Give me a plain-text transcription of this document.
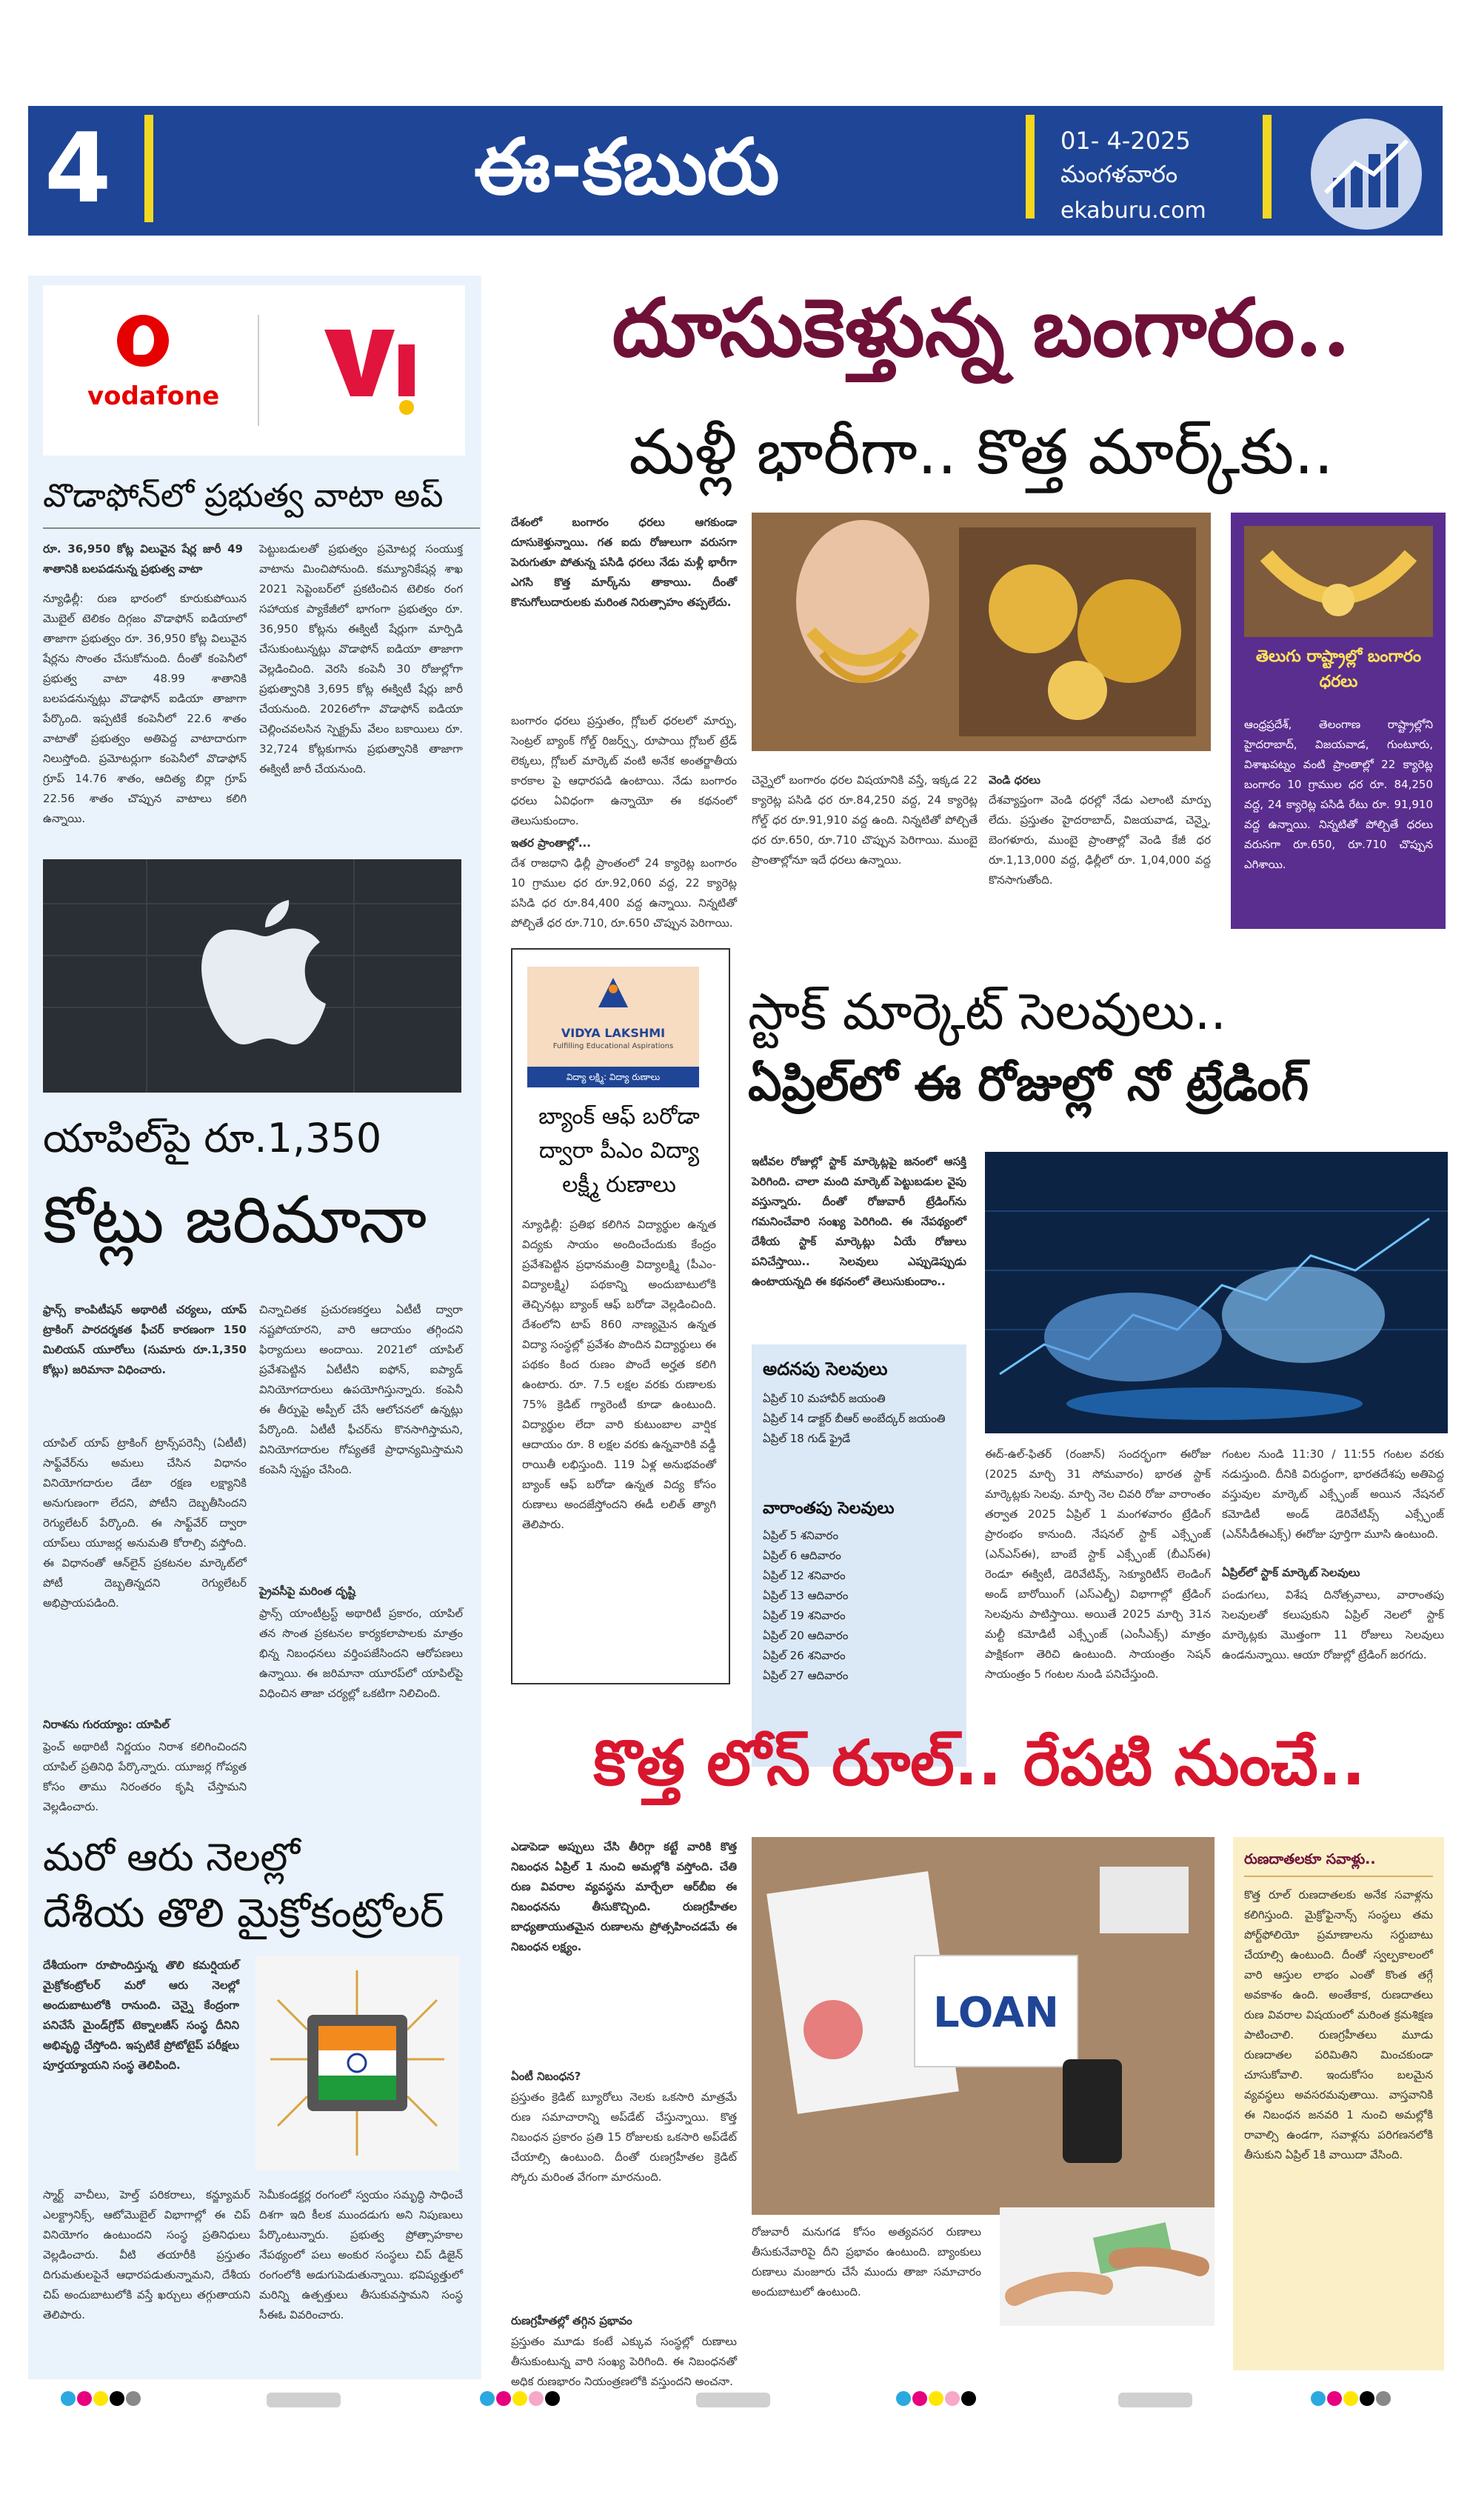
4	ఈ-కబురు	01- 4-2025
మంగళవారం
ekaburu.com
vodafone
వొడాఫోన్‌లో ప్రభుత్వ వాటా అప్

రూ. 36,950 కోట్ల విలువైన షేర్ల జారీ 49 శాతానికి బలపడనున్న ప్రభుత్వ వాటా

న్యూఢిల్లీ: రుణ భారంలో కూరుకుపోయిన మొబైల్ టెలికం దిగ్గజం వొడాఫోన్ ఐడియాలో తాజాగా ప్రభుత్వం రూ. 36,950 కోట్ల విలువైన షేర్లను సొంతం చేసుకోనుంది. దీంతో కంపెనీలో ప్రభుత్వ వాటా 48.99 శాతానికి బలపడనున్నట్లు వొడాఫోన్ ఐడియా తాజాగా పేర్కొంది. ఇప్పటికే కంపెనీలో 22.6 శాతం వాటాతో ప్రభుత్వం అతిపెద్ద వాటాదారుగా నిలుస్తోంది. ప్రమోటర్లుగా కంపెనీలో వొడాఫోన్ గ్రూప్ 14.76 శాతం, ఆదిత్య బిర్లా గ్రూప్ 22.56 శాతం చొప్పున వాటాలు కలిగి ఉన్నాయి.

పెట్టుబడులతో ప్రభుత్వం ప్రమోటర్ల సంయుక్త వాటాను మించిపోనుంది. కమ్యూనికేషన్ల శాఖ 2021 సెప్టెంబర్‌లో ప్రకటించిన టెలికం రంగ సహాయక ప్యాకేజీలో భాగంగా ప్రభుత్వం రూ. 36,950 కోట్లను ఈక్విటీ షేర్లుగా మార్పిడి చేసుకుంటున్నట్లు వొడాఫోన్ ఐడియా తాజాగా వెల్లడించింది. వెరసి కంపెనీ 30 రోజుల్లోగా ప్రభుత్వానికి 3,695 కోట్ల ఈక్విటీ షేర్లు జారీ చేయనుంది. 2026లోగా వొడాఫోన్ ఐడియా చెల్లించవలసిన స్పెక్ట్రమ్ వేలం బకాయిలు రూ. 32,724 కోట్లకుగాను ప్రభుత్వానికి తాజాగా ఈక్విటీ జారీ చేయనుంది.

యాపిల్‌పై రూ.1,350
కోట్లు జరిమానా

ఫ్రాన్స్ కాంపిటీషన్ అథారిటీ చర్యలు, యాప్ ట్రాకింగ్ పారదర్శకత ఫీచర్ కారణంగా 150 మిలియన్ యూరోలు (సుమారు రూ.1,350 కోట్లు) జరిమానా విధించారు.

యాపిల్ యాప్ ట్రాకింగ్ ట్రాన్స్‌పరెన్సీ (ఏటీటీ) సాఫ్ట్‌వేర్‌ను అమలు చేసిన విధానం వినియోగదారుల డేటా రక్షణ లక్ష్యానికి అనుగుణంగా లేదని, పోటీని దెబ్బతీసిందని రెగ్యులేటర్ పేర్కొంది. ఈ సాఫ్ట్‌వేర్ ద్వారా యాప్‌లు యూజర్ల అనుమతి కోరాల్సి వస్తోంది. ఈ విధానంతో ఆన్‌లైన్ ప్రకటనల మార్కెట్‌లో పోటీ దెబ్బతిన్నదని రెగ్యులేటర్ అభిప్రాయపడింది.

నిరాశను గురయ్యాం: యాపిల్

ఫ్రెంచ్ అథారిటీ నిర్ణయం నిరాశ కలిగించిందని యాపిల్ ప్రతినిధి పేర్కొన్నారు. యూజర్ల గోప్యత కోసం తాము నిరంతరం కృషి చేస్తామని వెల్లడించారు.

చిన్నాచితక ప్రచురణకర్తలు ఏటీటీ ద్వారా నష్టపోయారని, వారి ఆదాయం తగ్గిందని ఫిర్యాదులు అందాయి. 2021లో యాపిల్ ప్రవేశపెట్టిన ఏటీటీని ఐఫోన్, ఐప్యాడ్ వినియోగదారులు ఉపయోగిస్తున్నారు. కంపెనీ ఈ తీర్పుపై అప్పీల్ చేసే ఆలోచనలో ఉన్నట్లు పేర్కొంది. ఏటీటీ ఫీచర్‌ను కొనసాగిస్తామని, వినియోగదారుల గోప్యతకే ప్రాధాన్యమిస్తామని కంపెనీ స్పష్టం చేసింది.

ప్రైవసీపై మరింత దృష్టి

ఫ్రాన్స్ యాంటీట్రస్ట్ అథారిటీ ప్రకారం, యాపిల్ తన సొంత ప్రకటనల కార్యకలాపాలకు మాత్రం భిన్న నిబంధనలు వర్తింపజేసిందని ఆరోపణలు ఉన్నాయి. ఈ జరిమానా యూరప్‌లో యాపిల్‌పై విధించిన తాజా చర్యల్లో ఒకటిగా నిలిచింది.

మరో ఆరు నెలల్లో
దేశీయ తొలి మైక్రోకంట్రోలర్

దేశీయంగా రూపొందిస్తున్న తొలి కమర్షియల్ మైక్రోకంట్రోలర్ మరో ఆరు నెలల్లో అందుబాటులోకి రానుంది. చెన్నై కేంద్రంగా పనిచేసే మైండ్‌గ్రోవ్ టెక్నాలజీస్ సంస్థ దీనిని అభివృద్ధి చేస్తోంది. ఇప్పటికే ప్రోటోటైప్ పరీక్షలు పూర్తయ్యాయని సంస్థ తెలిపింది.

స్మార్ట్ వాచీలు, హెల్త్ పరికరాలు, కన్జ్యూమర్ ఎలక్ట్రానిక్స్, ఆటోమొబైల్ విభాగాల్లో ఈ చిప్ వినియోగం ఉంటుందని సంస్థ ప్రతినిధులు వెల్లడించారు. వీటి తయారీకి ప్రస్తుతం దిగుమతులపైనే ఆధారపడుతున్నామని, దేశీయ చిప్ అందుబాటులోకి వస్తే ఖర్చులు తగ్గుతాయని తెలిపారు.

సెమీకండక్టర్ల రంగంలో స్వయం సమృద్ధి సాధించే దిశగా ఇది కీలక ముందడుగు అని నిపుణులు పేర్కొంటున్నారు. ప్రభుత్వ ప్రోత్సాహకాల నేపథ్యంలో పలు అంకుర సంస్థలు చిప్ డిజైన్ రంగంలోకి అడుగుపెడుతున్నాయి. భవిష్యత్తులో మరిన్ని ఉత్పత్తులు తీసుకువస్తామని సంస్థ సీఈఓ వివరించారు.

దూసుకెళ్తున్న బంగారం..
మళ్లీ భారీగా.. కొత్త మార్క్‌కు..

దేశంలో బంగారం ధరలు ఆగకుండా దూసుకెళ్తున్నాయి. గత ఐదు రోజులుగా వరుసగా పెరుగుతూ పోతున్న పసిడి ధరలు నేడు మళ్లీ భారీగా ఎగసి కొత్త మార్క్‌ను తాకాయి. దీంతో కొనుగోలుదారులకు మరింత నిరుత్సాహం తప్పలేదు.

బంగారం ధరలు ప్రస్తుతం, గ్లోబల్ ధరలలో మార్పు, సెంట్రల్ బ్యాంక్ గోల్డ్ రిజర్వ్స్, రూపాయి గ్లోబల్ ట్రేడ్ లెక్కలు, గ్లోబల్ మార్కెట్ వంటి అనేక అంతర్జాతీయ కారకాల పై ఆధారపడి ఉంటాయి. నేడు బంగారం ధరలు ఏవిధంగా ఉన్నాయో ఈ కథనంలో తెలుసుకుందాం.

ఇతర ప్రాంతాల్లో...

దేశ రాజధాని ఢిల్లీ ప్రాంతంలో 24 క్యారెట్ల బంగారం 10 గ్రాముల ధర రూ.92,060 వద్ద, 22 క్యారెట్ల పసిడి ధర రూ.84,400 వద్ద ఉన్నాయి. నిన్నటితో పోల్చితే ధర రూ.710, రూ.650 చొప్పున పెరిగాయి.

చెన్నైలో బంగారం ధరల విషయానికి వస్తే, ఇక్కడ 22 క్యారెట్ల పసిడి ధర రూ.84,250 వద్ద, 24 క్యారెట్ల గోల్డ్ ధర రూ.91,910 వద్ద ఉంది. నిన్నటితో పోల్చితే ధర రూ.650, రూ.710 చొప్పున పెరిగాయి. ముంబై ప్రాంతాల్లోనూ ఇదే ధరలు ఉన్నాయి.

వెండి ధరలు

దేశవ్యాప్తంగా వెండి ధరల్లో నేడు ఎలాంటి మార్పు లేదు. ప్రస్తుతం హైదరాబాద్, విజయవాడ, చెన్నై, బెంగళూరు, ముంబై ప్రాంతాల్లో వెండి కేజీ ధర రూ.1,13,000 వద్ద, ఢిల్లీలో రూ. 1,04,000 వద్ద కొనసాగుతోంది.

తెలుగు రాష్ట్రాల్లో బంగారం ధరలు

ఆంధ్రప్రదేశ్, తెలంగాణ రాష్ట్రాల్లోని హైదరాబాద్, విజయవాడ, గుంటూరు, విశాఖపట్నం వంటి ప్రాంతాల్లో 22 క్యారెట్ల బంగారం 10 గ్రాముల ధర రూ. 84,250 వద్ద, 24 క్యారెట్ల పసిడి రేటు రూ. 91,910 వద్ద ఉన్నాయి. నిన్నటితో పోల్చితే ధరలు వరుసగా రూ.650, రూ.710 చొప్పున ఎగిశాయి.

VIDYA LAKSHMI
Fulfilling Educational Aspirations
విద్యా లక్ష్మి: విద్యా రుణాలు
బ్యాంక్ ఆఫ్ బరోడా ద్వారా పీఎం విద్యా లక్ష్మీ రుణాలు

న్యూఢిల్లీ: ప్రతిభ కలిగిన విద్యార్థుల ఉన్నత విద్యకు సాయం అందించేందుకు కేంద్రం ప్రవేశపెట్టిన ప్రధానమంత్రి విద్యాలక్ష్మి (పీఎం-విద్యాలక్ష్మి) పథకాన్ని అందుబాటులోకి తెచ్చినట్లు బ్యాంక్ ఆఫ్ బరోడా వెల్లడించింది. దేశంలోని టాప్ 860 నాణ్యమైన ఉన్నత విద్యా సంస్థల్లో ప్రవేశం పొందిన విద్యార్థులు ఈ పథకం కింద రుణం పొందే అర్హత కలిగి ఉంటారు. రూ. 7.5 లక్షల వరకు రుణాలకు 75% క్రెడిట్ గ్యారెంటీ కూడా ఉంటుంది. విద్యార్థుల లేదా వారి కుటుంబాల వార్షిక ఆదాయం రూ. 8 లక్షల వరకు ఉన్నవారికి వడ్డీ రాయితీ లభిస్తుంది. 119 ఏళ్ల అనుభవంతో బ్యాంక్ ఆఫ్ బరోడా ఉన్నత విద్య కోసం రుణాలు అందజేస్తోందని ఈడీ లలిత్ త్యాగి తెలిపారు.

స్టాక్ మార్కెట్ సెలవులు..
ఏప్రిల్‌లో ఈ రోజుల్లో నో ట్రేడింగ్

ఇటీవల రోజుల్లో స్టాక్ మార్కెట్లపై జనంలో ఆసక్తి పెరిగింది. చాలా మంది మార్కెట్ పెట్టుబడుల వైపు వస్తున్నారు. దీంతో రోజువారీ ట్రేడింగ్‌ను గమనించేవారి సంఖ్య పెరిగింది. ఈ నేపథ్యంలో దేశీయ స్టాక్ మార్కెట్లు ఏయే రోజులు పనిచేస్తాయి.. సెలవులు ఎప్పుడెప్పుడు ఉంటాయన్నది ఈ కథనంలో తెలుసుకుందాం..

అదనపు సెలవులు
ఏప్రిల్ 10 మహావీర్ జయంతి
ఏప్రిల్ 14 డాక్టర్ బీఆర్ అంబేద్కర్ జయంతి
ఏప్రిల్ 18 గుడ్ ఫ్రైడే
వారాంతపు సెలవులు
ఏప్రిల్ 5 శనివారం
ఏప్రిల్ 6 ఆదివారం
ఏప్రిల్ 12 శనివారం
ఏప్రిల్ 13 ఆదివారం
ఏప్రిల్ 19 శనివారం
ఏప్రిల్ 20 ఆదివారం
ఏప్రిల్ 26 శనివారం
ఏప్రిల్ 27 ఆదివారం

ఈద్-ఉల్-ఫితర్ (రంజాన్) సందర్భంగా ఈరోజు (2025 మార్చి 31 సోమవారం) భారత స్టాక్ మార్కెట్లకు సెలవు. మార్చి నెల చివరి రోజు వారాంతం తర్వాత 2025 ఏప్రిల్ 1 మంగళవారం ట్రేడింగ్ ప్రారంభం కానుంది. నేషనల్ స్టాక్ ఎక్స్ఛేంజ్ (ఎన్ఎస్ఈ), బాంబే స్టాక్ ఎక్స్ఛేంజ్ (బీఎస్ఈ) రెండూ ఈక్విటీ, డెరివేటివ్స్, సెక్యూరిటీస్ లెండింగ్ అండ్ బారోయింగ్ (ఎస్ఎల్బీ) విభాగాల్లో ట్రేడింగ్ సెలవును పాటిస్తాయి. అయితే 2025 మార్చి 31న మల్టీ కమోడిటీ ఎక్స్ఛేంజ్ (ఎంసీఎక్స్) మాత్రం పాక్షికంగా తెరిచి ఉంటుంది. సాయంత్రం సెషన్ సాయంత్రం 5 గంటల నుండి పనిచేస్తుంది.

గంటల నుండి 11:30 / 11:55 గంటల వరకు నడుస్తుంది. దీనికి విరుద్ధంగా, భారతదేశపు అతిపెద్ద వస్తువుల మార్కెట్ ఎక్స్ఛేంజ్ అయిన నేషనల్ కమోడిటీ అండ్ డెరివేటివ్స్ ఎక్స్ఛేంజ్ (ఎన్‌సీడీఈఎక్స్) ఈరోజు పూర్తిగా మూసి ఉంటుంది.

ఏప్రిల్‌లో స్టాక్ మార్కెట్ సెలవులు

పండుగలు, విశేష దినోత్సవాలు, వారాంతపు సెలవులతో కలుపుకుని ఏప్రిల్ నెలలో స్టాక్ మార్కెట్లకు మొత్తంగా 11 రోజులు సెలవులు ఉండనున్నాయి. ఆయా రోజుల్లో ట్రేడింగ్ జరగదు.

కొత్త లోన్ రూల్.. రేపటి నుంచే..

ఎడాపెడా అప్పులు చేసి తీరిగ్గా కట్టే వారికి కొత్త నిబంధన ఏప్రిల్ 1 నుంచి అమల్లోకి వస్తోంది. చేతి రుణ వివరాల వ్యవస్థను మార్చేలా ఆర్‌బీఐ ఈ నిబంధనను తీసుకొచ్చింది. రుణగ్రహీతల బాధ్యతాయుతమైన రుణాలను ప్రోత్సహించడమే ఈ నిబంధన లక్ష్యం.

ఏంటీ నిబంధన?

ప్రస్తుతం క్రెడిట్ బ్యూరోలు నెలకు ఒకసారి మాత్రమే రుణ సమాచారాన్ని అప్‌డేట్ చేస్తున్నాయి. కొత్త నిబంధన ప్రకారం ప్రతి 15 రోజులకు ఒకసారి అప్‌డేట్ చేయాల్సి ఉంటుంది. దీంతో రుణగ్రహీతల క్రెడిట్ స్కోరు మరింత వేగంగా మారనుంది.

రుణగ్రహీతల్లో తగ్గిన ప్రభావం

ప్రస్తుతం మూడు కంటే ఎక్కువ సంస్థల్లో రుణాలు తీసుకుంటున్న వారి సంఖ్య పెరిగింది. ఈ నిబంధనతో అధిక రుణభారం నియంత్రణలోకి వస్తుందని అంచనా.

LOAN

రోజువారీ మనుగడ కోసం అత్యవసర రుణాలు తీసుకునేవారిపై దీని ప్రభావం ఉంటుంది. బ్యాంకులు రుణాలు మంజూరు చేసే ముందు తాజా సమాచారం అందుబాటులో ఉంటుంది.

రుణదాతలకూ సవాళ్లు..

కొత్త రూల్ రుణదాతలకు అనేక సవాళ్లను కలిగిస్తుంది. మైక్రోఫైనాన్స్ సంస్థలు తమ పోర్ట్‌ఫోలియో ప్రమాణాలను సర్దుబాటు చేయాల్సి ఉంటుంది. దీంతో స్వల్పకాలంలో వారి ఆస్తుల లాభం ఎంతో కొంత తగ్గే అవకాశం ఉంది. అంతేకాక, రుణదాతలు రుణ వివరాల విషయంలో మరింత క్రమశిక్షణ పాటించాలి. రుణగ్రహీతలు మూడు రుణదాతల పరిమితిని మించకుండా చూసుకోవాలి. ఇందుకోసం బలమైన వ్యవస్థలు అవసరమవుతాయి. వాస్తవానికి ఈ నిబంధన జనవరి 1 నుంచి అమల్లోకి రావాల్సి ఉండగా, సవాళ్లను పరిగణనలోకి తీసుకుని ఏప్రిల్ 1కి వాయిదా వేసింది.
